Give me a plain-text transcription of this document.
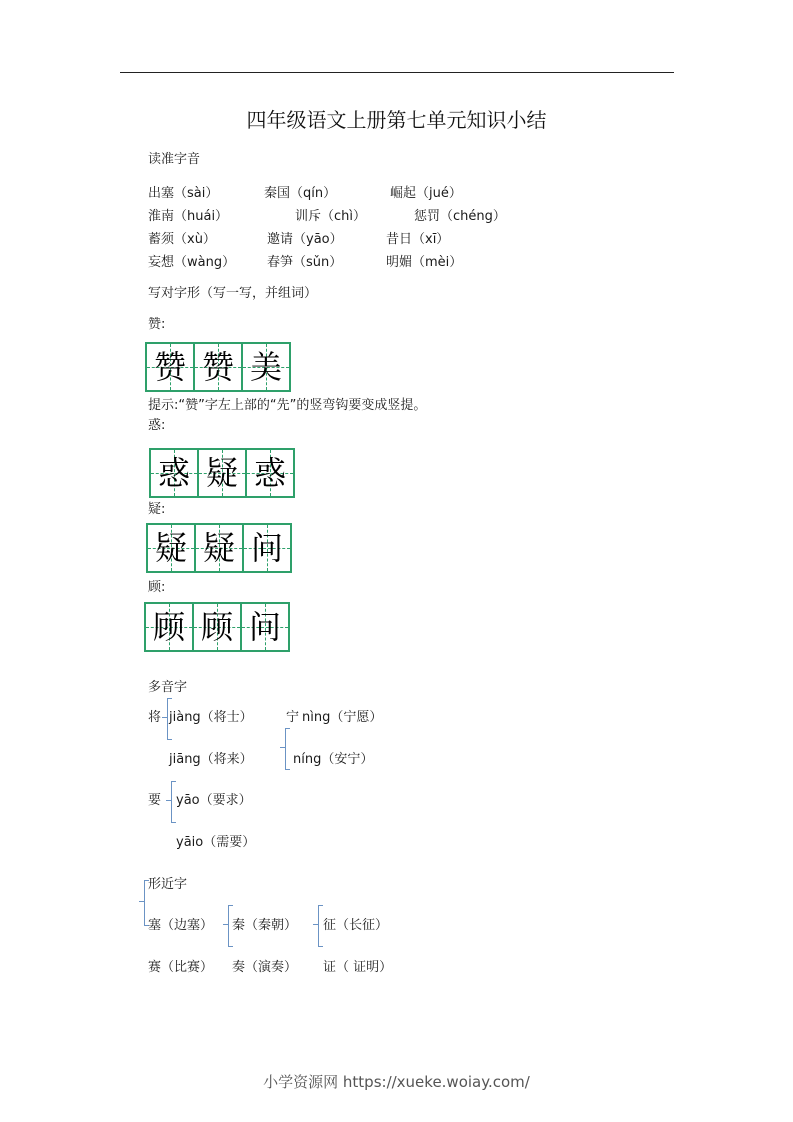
四年级语文上册第七单元知识小结
读准字音
出塞（sài）	秦国（qín）	崛起（jué）
淮南（huái）	训斥（chì）	惩罚（chéng）
蓄须（xù）	邀请（yāo）	昔日（xī）
妄想（wàng） 春笋（sǔn）	明媚（mèi）
写对字形（写一写，并组词）
赞:
赞 赞 美
提示:“赞”字左上部的“先”的竖弯钩要变成竖提。
惑:
惑 疑 惑
疑:
疑 疑 问
顾:
顾 顾 问
多音字
将 jiàng（将士）
jiāng（将来）
宁 nìng（宁愿）
níng（安宁）
要 yāo（要求）
yāio（需要）
形近字
塞（边塞） 秦（秦朝） 征（长征）
赛（比赛） 奏（演奏） 证（ 证明）
小学资源网 https://xueke.woiay.com/
